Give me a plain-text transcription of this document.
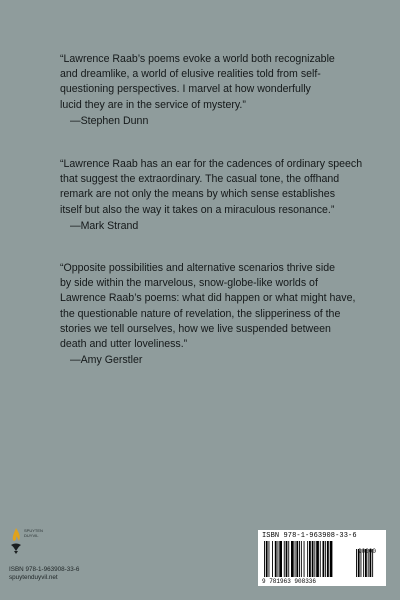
“Lawrence Raab’s poems evoke a world both recognizable
and dreamlike, a world of elusive realities told from self-
questioning perspectives. I marvel at how wonderfully
lucid they are in the service of mystery.”
—Stephen Dunn
“Lawrence Raab has an ear for the cadences of ordinary speech
that suggest the extraordinary. The casual tone, the offhand
remark are not only the means by which sense establishes
itself but also the way it takes on a miraculous resonance.”
—Mark Strand
“Opposite possibilities and alternative scenarios thrive side
by side within the marvelous, snow-globe-like worlds of
Lawrence Raab’s poems: what did happen or what might have,
the questionable nature of revelation, the slipperiness of the
stories we tell ourselves, how we live suspended between
death and utter loveliness.”
—Amy Gerstler
SPUYTEN
DUYVIL
ISBN 978-1-963908-33-6
spuytenduyvil.net
ISBN 978-1-963908-33-6
9 781963 908336
90000
